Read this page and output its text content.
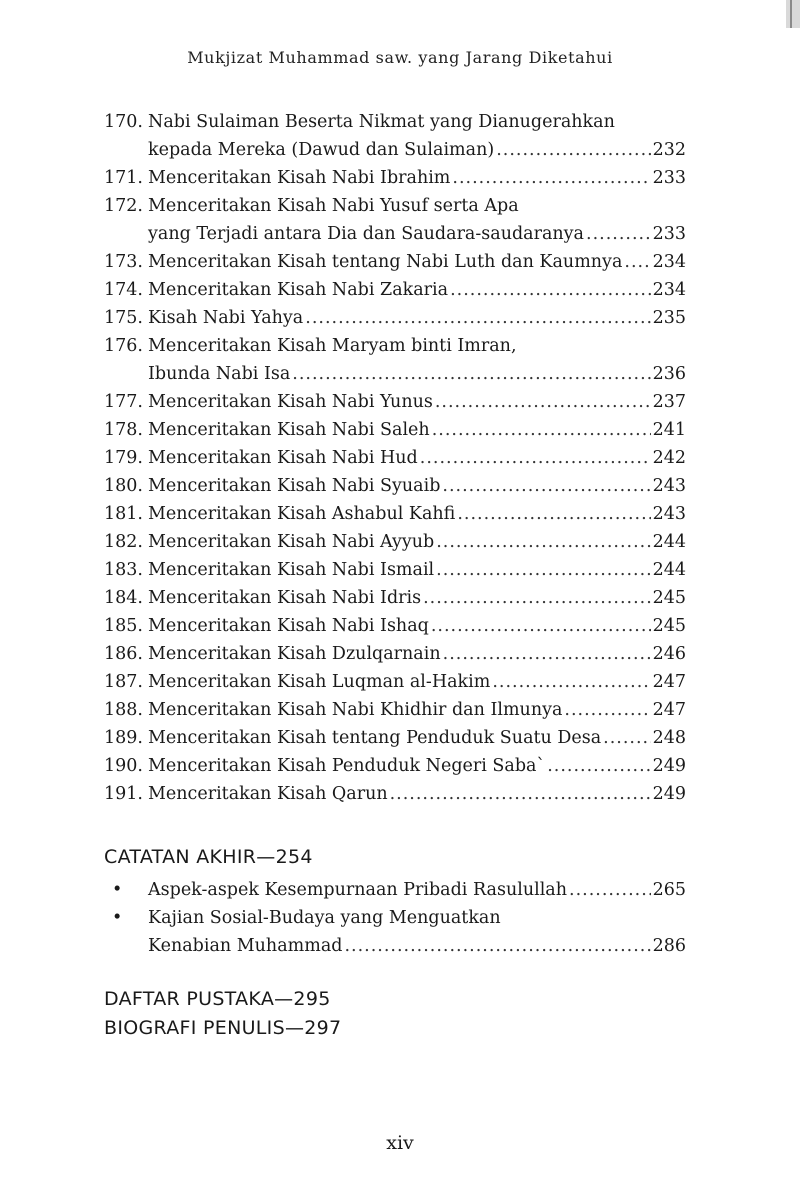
Mukjizat Muhammad saw. yang Jarang Diketahui
170. Nabi Sulaiman Beserta Nikmat yang Dianugerahkan
kepada Mereka (Dawud dan Sulaiman) .....	232
171. Menceritakan Kisah Nabi Ibrahim .....	233
172. Menceritakan Kisah Nabi Yusuf serta Apa
yang Terjadi antara Dia dan Saudara-saudaranya .....	233
173. Menceritakan Kisah tentang Nabi Luth dan Kaumnya ..... 234
174. Menceritakan Kisah Nabi Zakaria .....	234
175. Kisah Nabi Yahya .....	235
176. Menceritakan Kisah Maryam binti Imran,
Ibunda Nabi Isa .....	236
177. Menceritakan Kisah Nabi Yunus .....	237
178. Menceritakan Kisah Nabi Saleh .....	241
179. Menceritakan Kisah Nabi Hud .....	242
180. Menceritakan Kisah Nabi Syuaib .....	243
181. Menceritakan Kisah Ashabul Kahfi .....	243
182. Menceritakan Kisah Nabi Ayyub .....	244
183. Menceritakan Kisah Nabi Ismail .....	244
184. Menceritakan Kisah Nabi Idris .....	245
185. Menceritakan Kisah Nabi Ishaq .....	245
186. Menceritakan Kisah Dzulqarnain .....	246
187. Menceritakan Kisah Luqman al-Hakim .....	247
188. Menceritakan Kisah Nabi Khidhir dan Ilmunya .....	247
189. Menceritakan Kisah tentang Penduduk Suatu Desa .....	248
190. Menceritakan Kisah Penduduk Negeri Saba` .....	249
191. Menceritakan Kisah Qarun .....	249
CATATAN AKHIR—254
•	Aspek-aspek Kesempurnaan Pribadi Rasulullah .....	265
•	Kajian Sosial-Budaya yang Menguatkan
Kenabian Muhammad .....	286
DAFTAR PUSTAKA—295
BIOGRAFI PENULIS—297
xiv
